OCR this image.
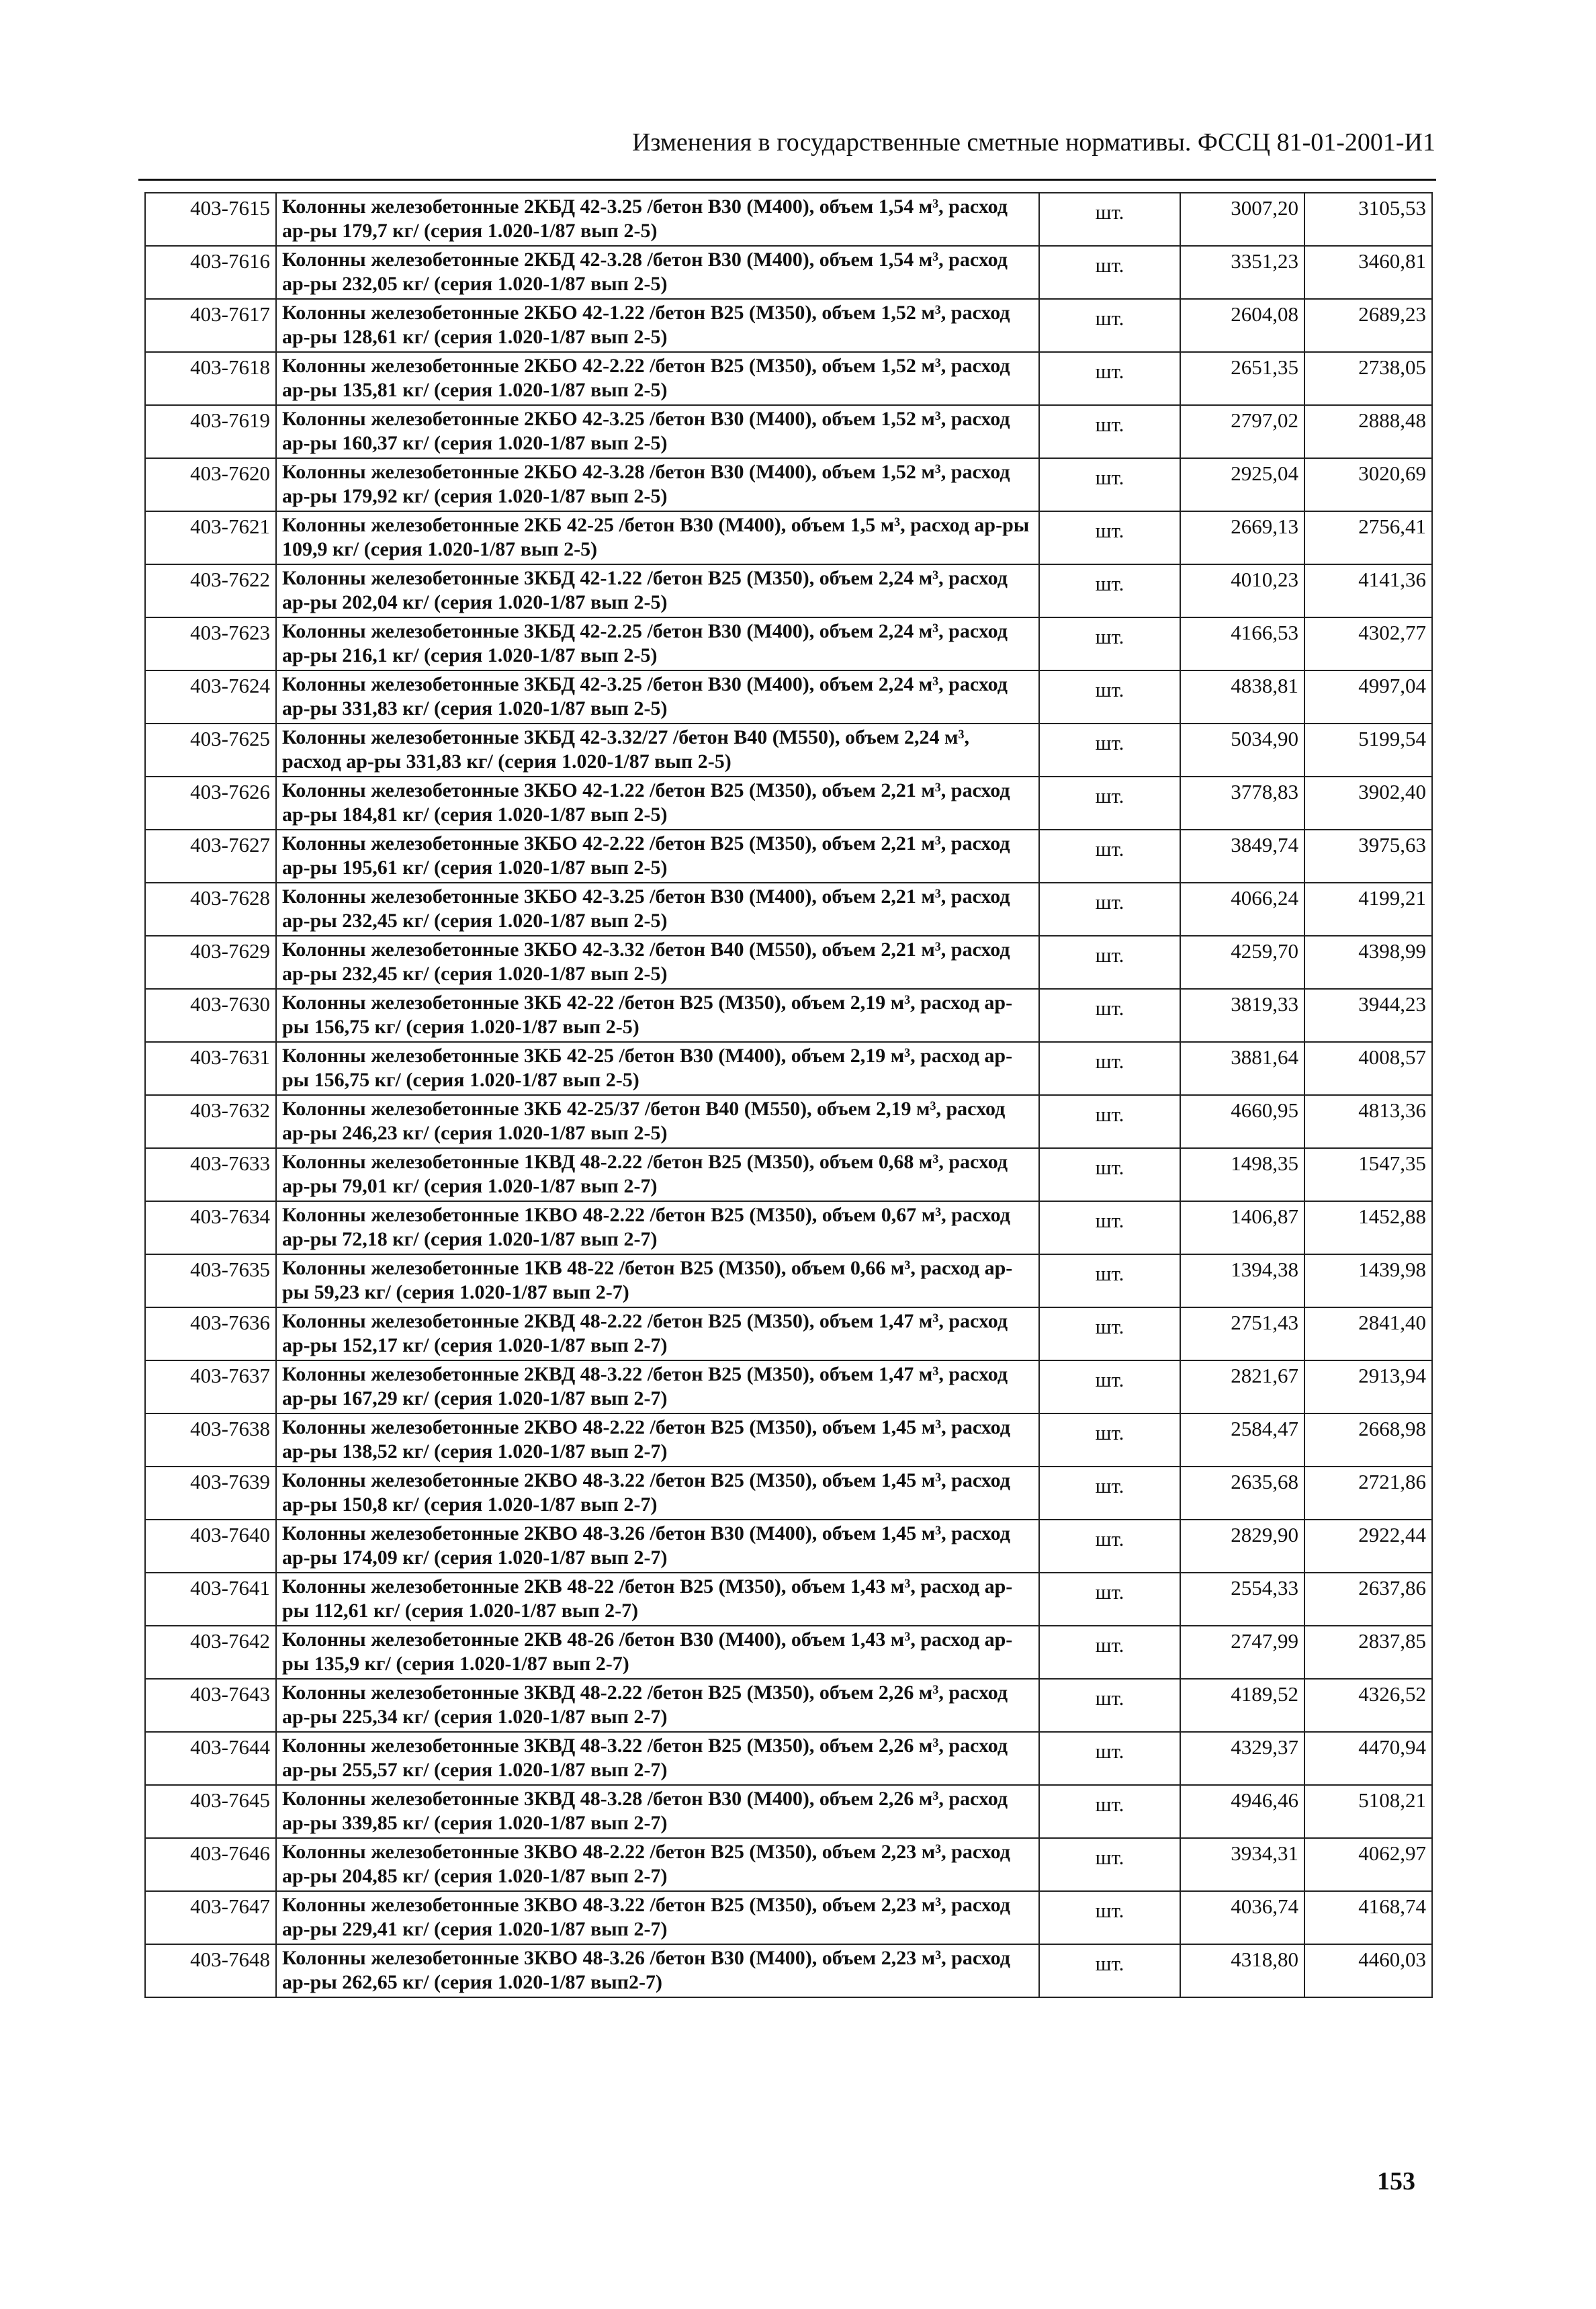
Изменения в государственные сметные нормативы. ФССЦ 81-01-2001-И1
403-7615	Колонны железобетонные 2КБД 42-3.25 /бетон В30 (М400), объем 1,54 м³, расход ар-ры 179,7 кг/ (серия 1.020-1/87 вып 2-5)	шт.	3007,20	3105,53
403-7616	Колонны железобетонные 2КБД 42-3.28 /бетон В30 (М400), объем 1,54 м³, расход ар-ры 232,05 кг/ (серия 1.020-1/87 вып 2-5)	шт.	3351,23	3460,81
403-7617	Колонны железобетонные 2КБО 42-1.22 /бетон В25 (М350), объем 1,52 м³, расход ар-ры 128,61 кг/ (серия 1.020-1/87 вып 2-5)	шт.	2604,08	2689,23
403-7618	Колонны железобетонные 2КБО 42-2.22 /бетон В25 (М350), объем 1,52 м³, расход ар-ры 135,81 кг/ (серия 1.020-1/87 вып 2-5)	шт.	2651,35	2738,05
403-7619	Колонны железобетонные 2КБО 42-3.25 /бетон В30 (М400), объем 1,52 м³, расход ар-ры 160,37 кг/ (серия 1.020-1/87 вып 2-5)	шт.	2797,02	2888,48
403-7620	Колонны железобетонные 2КБО 42-3.28 /бетон В30 (М400), объем 1,52 м³, расход ар-ры 179,92 кг/ (серия 1.020-1/87 вып 2-5)	шт.	2925,04	3020,69
403-7621	Колонны железобетонные 2КБ 42-25 /бетон В30 (М400), объем 1,5 м³, расход ар-ры 109,9 кг/ (серия 1.020-1/87 вып 2-5)	шт.	2669,13	2756,41
403-7622	Колонны железобетонные 3КБД 42-1.22 /бетон В25 (М350), объем 2,24 м³, расход ар-ры 202,04 кг/ (серия 1.020-1/87 вып 2-5)	шт.	4010,23	4141,36
403-7623	Колонны железобетонные 3КБД 42-2.25 /бетон В30 (М400), объем 2,24 м³, расход ар-ры 216,1 кг/ (серия 1.020-1/87 вып 2-5)	шт.	4166,53	4302,77
403-7624	Колонны железобетонные 3КБД 42-3.25 /бетон В30 (М400), объем 2,24 м³, расход ар-ры 331,83 кг/ (серия 1.020-1/87 вып 2-5)	шт.	4838,81	4997,04
403-7625	Колонны железобетонные 3КБД 42-3.32/27 /бетон В40 (М550), объем 2,24 м³, расход ар-ры 331,83 кг/ (серия 1.020-1/87 вып 2-5)	шт.	5034,90	5199,54
403-7626	Колонны железобетонные 3КБО 42-1.22 /бетон В25 (М350), объем 2,21 м³, расход ар-ры 184,81 кг/ (серия 1.020-1/87 вып 2-5)	шт.	3778,83	3902,40
403-7627	Колонны железобетонные 3КБО 42-2.22 /бетон В25 (М350), объем 2,21 м³, расход ар-ры 195,61 кг/ (серия 1.020-1/87 вып 2-5)	шт.	3849,74	3975,63
403-7628	Колонны железобетонные 3КБО 42-3.25 /бетон В30 (М400), объем 2,21 м³, расход ар-ры 232,45 кг/ (серия 1.020-1/87 вып 2-5)	шт.	4066,24	4199,21
403-7629	Колонны железобетонные 3КБО 42-3.32 /бетон В40 (М550), объем 2,21 м³, расход ар-ры 232,45 кг/ (серия 1.020-1/87 вып 2-5)	шт.	4259,70	4398,99
403-7630	Колонны железобетонные 3КБ 42-22 /бетон В25 (М350), объем 2,19 м³, расход ар-ры 156,75 кг/ (серия 1.020-1/87 вып 2-5)	шт.	3819,33	3944,23
403-7631	Колонны железобетонные 3КБ 42-25 /бетон В30 (М400), объем 2,19 м³, расход ар-ры 156,75 кг/ (серия 1.020-1/87 вып 2-5)	шт.	3881,64	4008,57
403-7632	Колонны железобетонные 3КБ 42-25/37 /бетон В40 (М550), объем 2,19 м³, расход ар-ры 246,23 кг/ (серия 1.020-1/87 вып 2-5)	шт.	4660,95	4813,36
403-7633	Колонны железобетонные 1КВД 48-2.22 /бетон В25 (М350), объем 0,68 м³, расход ар-ры 79,01 кг/ (серия 1.020-1/87 вып 2-7)	шт.	1498,35	1547,35
403-7634	Колонны железобетонные 1КВО 48-2.22 /бетон В25 (М350), объем 0,67 м³, расход ар-ры 72,18 кг/ (серия 1.020-1/87 вып 2-7)	шт.	1406,87	1452,88
403-7635	Колонны железобетонные 1КВ 48-22 /бетон В25 (М350), объем 0,66 м³, расход ар-ры 59,23 кг/ (серия 1.020-1/87 вып 2-7)	шт.	1394,38	1439,98
403-7636	Колонны железобетонные 2КВД 48-2.22 /бетон В25 (М350), объем 1,47 м³, расход ар-ры 152,17 кг/ (серия 1.020-1/87 вып 2-7)	шт.	2751,43	2841,40
403-7637	Колонны железобетонные 2КВД 48-3.22 /бетон В25 (М350), объем 1,47 м³, расход ар-ры 167,29 кг/ (серия 1.020-1/87 вып 2-7)	шт.	2821,67	2913,94
403-7638	Колонны железобетонные 2КВО 48-2.22 /бетон В25 (М350), объем 1,45 м³, расход ар-ры 138,52 кг/ (серия 1.020-1/87 вып 2-7)	шт.	2584,47	2668,98
403-7639	Колонны железобетонные 2КВО 48-3.22 /бетон В25 (М350), объем 1,45 м³, расход ар-ры 150,8 кг/ (серия 1.020-1/87 вып 2-7)	шт.	2635,68	2721,86
403-7640	Колонны железобетонные 2КВО 48-3.26 /бетон В30 (М400), объем 1,45 м³, расход ар-ры 174,09 кг/ (серия 1.020-1/87 вып 2-7)	шт.	2829,90	2922,44
403-7641	Колонны железобетонные 2КВ 48-22 /бетон В25 (М350), объем 1,43 м³, расход ар-ры 112,61 кг/ (серия 1.020-1/87 вып 2-7)	шт.	2554,33	2637,86
403-7642	Колонны железобетонные 2КВ 48-26 /бетон В30 (М400), объем 1,43 м³, расход ар-ры 135,9 кг/ (серия 1.020-1/87 вып 2-7)	шт.	2747,99	2837,85
403-7643	Колонны железобетонные 3КВД 48-2.22 /бетон В25 (М350), объем 2,26 м³, расход ар-ры 225,34 кг/ (серия 1.020-1/87 вып 2-7)	шт.	4189,52	4326,52
403-7644	Колонны железобетонные 3КВД 48-3.22 /бетон В25 (М350), объем 2,26 м³, расход ар-ры 255,57 кг/ (серия 1.020-1/87 вып 2-7)	шт.	4329,37	4470,94
403-7645	Колонны железобетонные 3КВД 48-3.28 /бетон В30 (М400), объем 2,26 м³, расход ар-ры 339,85 кг/ (серия 1.020-1/87 вып 2-7)	шт.	4946,46	5108,21
403-7646	Колонны железобетонные 3КВО 48-2.22 /бетон В25 (М350), объем 2,23 м³, расход ар-ры 204,85 кг/ (серия 1.020-1/87 вып 2-7)	шт.	3934,31	4062,97
403-7647	Колонны железобетонные 3КВО 48-3.22 /бетон В25 (М350), объем 2,23 м³, расход ар-ры 229,41 кг/ (серия 1.020-1/87 вып 2-7)	шт.	4036,74	4168,74
403-7648	Колонны железобетонные 3КВО 48-3.26 /бетон В30 (М400), объем 2,23 м³, расход ар-ры 262,65 кг/ (серия 1.020-1/87 вып2-7)	шт.	4318,80	4460,03
153
